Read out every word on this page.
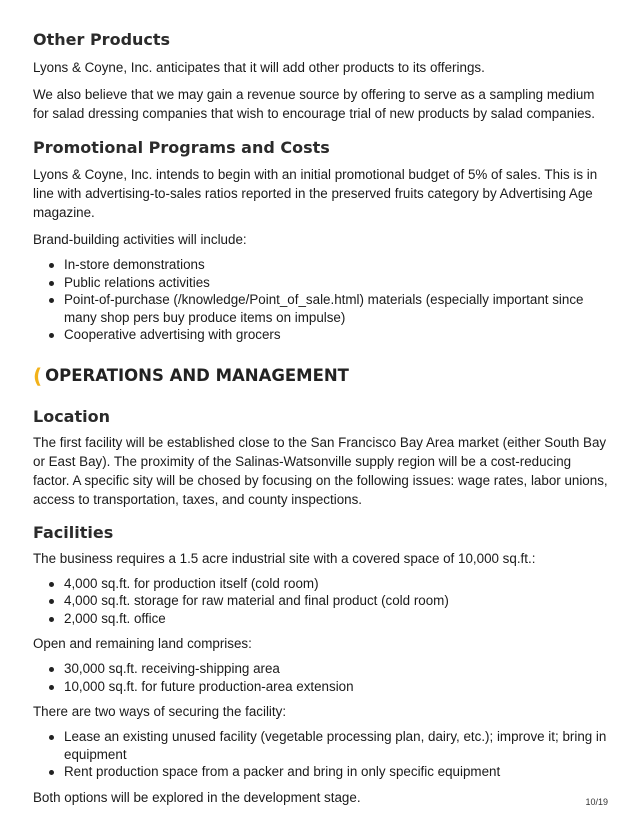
Other Products

Lyons & Coyne, Inc. anticipates that it will add other products to its offerings.

We also believe that we may gain a revenue source by offering to serve as a sampling medium for salad dressing companies that wish to encourage trial of new products by salad companies.

Promotional Programs and Costs

Lyons & Coyne, Inc. intends to begin with an initial promotional budget of 5% of sales. This is in line with advertising-to-sales ratios reported in the preserved fruits category by Advertising Age magazine.

Brand-building activities will include:

In-store demonstrations
Public relations activities
Point-of-purchase (/knowledge/Point_of_sale.html) materials (especially important since many shop pers buy produce items on impulse)
Cooperative advertising with grocers
( OPERATIONS AND MANAGEMENT
Location

The first facility will be established close to the San Francisco Bay Area market (either South Bay or East Bay). The proximity of the Salinas-Watsonville supply region will be a cost-reducing factor. A specific sity will be chosed by focusing on the following issues: wage rates, labor unions, access to transportation, taxes, and county inspections.

Facilities

The business requires a 1.5 acre industrial site with a covered space of 10,000 sq.ft.:

4,000 sq.ft. for production itself (cold room)
4,000 sq.ft. storage for raw material and final product (cold room)
2,000 sq.ft. office

Open and remaining land comprises:

30,000 sq.ft. receiving-shipping area
10,000 sq.ft. for future production-area extension

There are two ways of securing the facility:

Lease an existing unused facility (vegetable processing plan, dairy, etc.); improve it; bring in equipment
Rent production space from a packer and bring in only specific equipment

Both options will be explored in the development stage.	10/19
